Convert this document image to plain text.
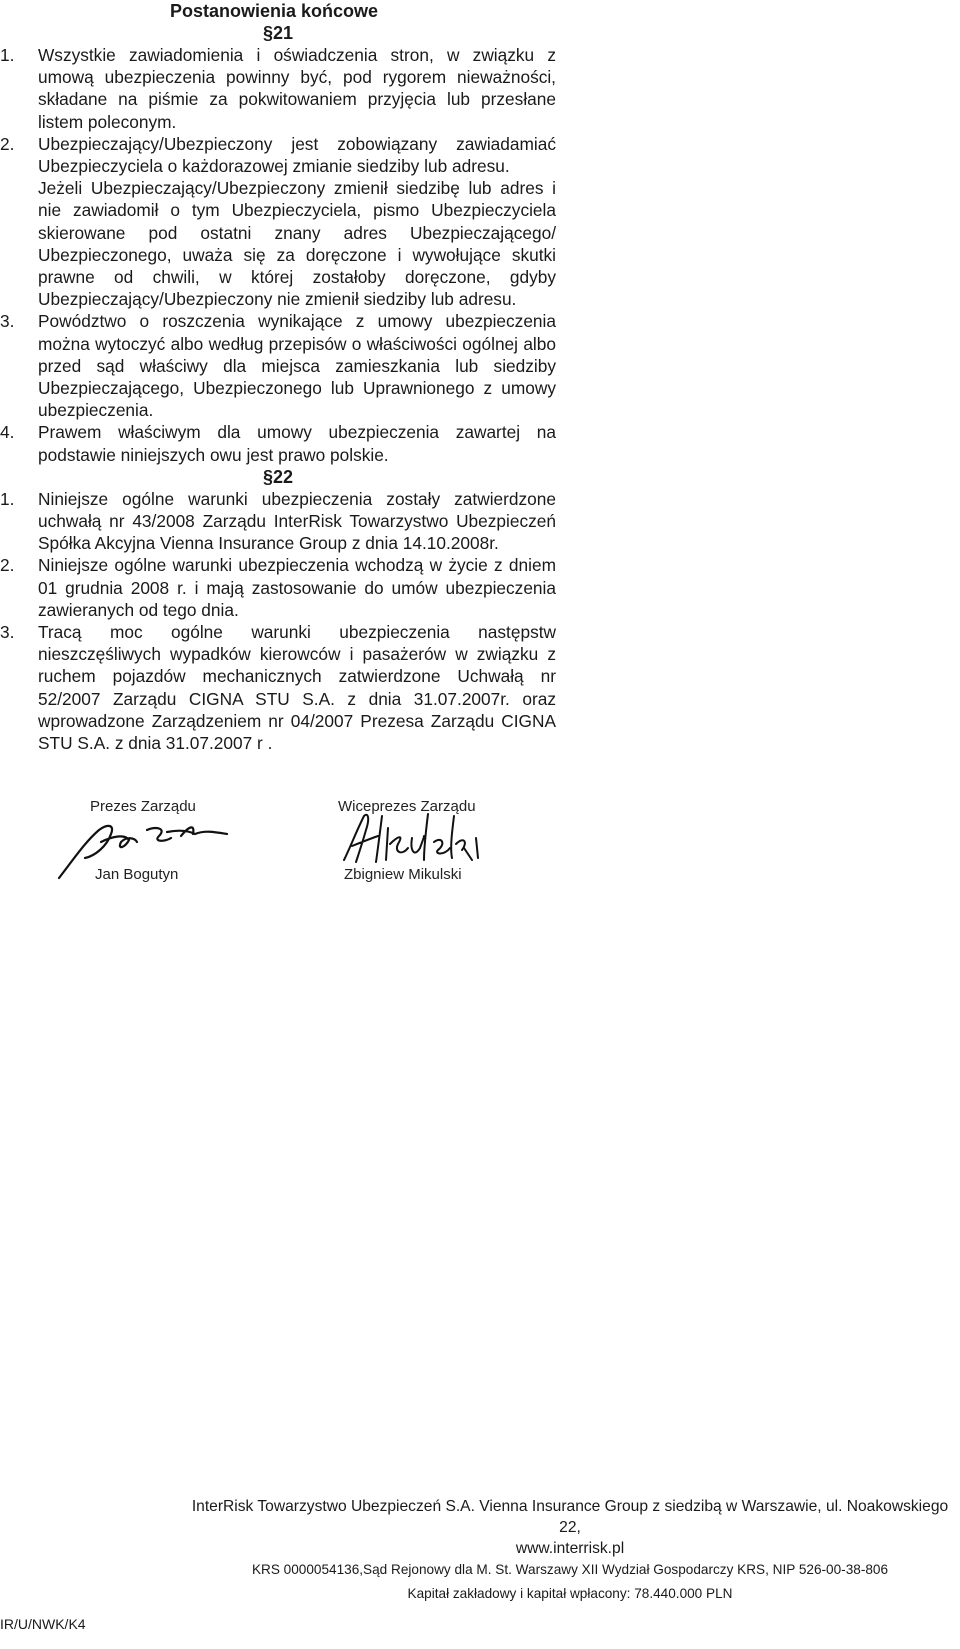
Postanowienia końcowe
§21
1. Wszystkie zawiadomienia i oświadczenia stron, w związku z umową ubezpieczenia powinny być, pod rygorem nieważności, składane na piśmie za pokwitowaniem przyjęcia lub przesłane listem poleconym.

2. Ubezpieczający/Ubezpieczony jest zobowiązany zawiadamiać Ubezpieczyciela o każdorazowej zmianie siedziby lub adresu.

Jeżeli Ubezpieczający/Ubezpieczony zmienił siedzibę lub adres i nie zawiadomił o tym Ubezpieczyciela, pismo Ubezpieczyciela skierowane pod ostatni znany adres Ubezpieczającego/ Ubezpieczonego, uważa się za doręczone i wywołujące skutki prawne od chwili, w której zostałoby doręczone, gdyby Ubezpieczający/Ubezpieczony nie zmienił siedziby lub adresu.

3. Powództwo o roszczenia wynikające z umowy ubezpieczenia można wytoczyć albo według przepisów o właściwości ogólnej albo przed sąd właściwy dla miejsca zamieszkania lub siedziby Ubezpieczającego, Ubezpieczonego lub Uprawnionego z umowy ubezpieczenia.

4. Prawem właściwym dla umowy ubezpieczenia zawartej na podstawie niniejszych owu jest prawo polskie.

§22
1. Niniejsze ogólne warunki ubezpieczenia zostały zatwierdzone uchwałą nr 43/2008 Zarządu InterRisk Towarzystwo Ubezpieczeń Spółka Akcyjna Vienna Insurance Group z dnia 14.10.2008r.

2. Niniejsze ogólne warunki ubezpieczenia wchodzą w życie z dniem 01 grudnia 2008 r. i mają zastosowanie do umów ubezpieczenia zawieranych od tego dnia.

3. Tracą moc ogólne warunki ubezpieczenia następstw nieszczęśliwych wypadków kierowców i pasażerów w związku z ruchem pojazdów mechanicznych zatwierdzone Uchwałą nr 52/2007 Zarządu CIGNA STU S.A. z dnia 31.07.2007r. oraz wprowadzone Zarządzeniem nr 04/2007 Prezesa Zarządu CIGNA STU S.A. z dnia 31.07.2007 r .

Prezes Zarządu
Jan Bogutyn
Wiceprezes Zarządu
Zbigniew Mikulski
InterRisk Towarzystwo Ubezpieczeń S.A. Vienna Insurance Group z siedzibą w Warszawie, ul. Noakowskiego 22,
www.interrisk.pl
KRS 0000054136,Sąd Rejonowy dla M. St. Warszawy XII Wydział Gospodarczy KRS, NIP 526-00-38-806
Kapitał zakładowy i kapitał wpłacony: 78.440.000 PLN
IR/U/NWK/K4
